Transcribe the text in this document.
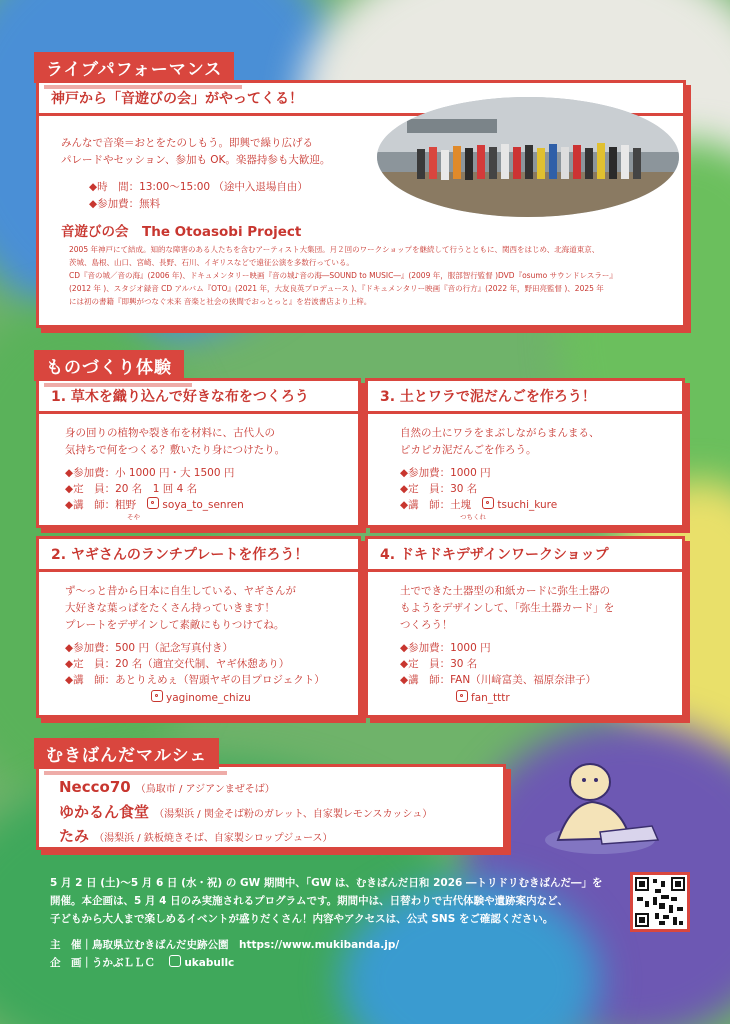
神戸から「音遊びの会」がやってくる！
みんなで音楽＝おとをたのしもう。即興で繰り広げる
パレードやセッション、参加も OK。楽器持参も大歓迎。
◆時　間：13:00〜15:00 （途中入退場自由）
◆参加費：無料
音遊びの会　The Otoasobi Project
2005 年神戸にて結成。知的な障害のある人たちを含むアーティスト大集団。月２回のワークショップを継続して行うとともに、関西をはじめ、北海道東京、
茨城、島根、山口、宮崎、長野、石川、イギリスなどで遠征公演を多数行っている。
CD『音の城／音の海』(2006 年)、ドキュメンタリー映画『音の城♪音の海―SOUND to MUSIC―』(2009 年，服部智行監督 )DVD『osumo サウンドレスラー』
(2012 年 )、スタジオ録音 CD アルバム『OTO』(2021 年，大友良英プロデュース )、『ドキュメンタリー映画『音の行方』(2022 年，野田亮監督 )、2025 年
には初の書籍『即興がつなぐ未来 音楽と社会の狭間でおっとっと』を岩波書店より上梓。
ライブパフォーマンス
1. 草木を織り込んで好きな布をつくろう
身の回りの植物や裂き布を材料に、古代人の
気持ちで何をつくる？敷いたり身につけたり。
◆参加費：小 1000 円・大 1500 円
◆定　員：20 名　1 回 4 名
◆講　師：粗野	soya_to_senren
そや
3. 土とワラで泥だんごを作ろう！
自然の土にワラをまぶしながらまんまる、
ピカピカ泥だんごを作ろう。
◆参加費：1000 円
◆定　員：30 名
◆講　師：土塊	tsuchi_kure
つちくれ
2. ヤギさんのランチプレートを作ろう！
ず〜っと昔から日本に自生している、ヤギさんが
大好きな葉っぱをたくさん持っていきます！
プレートをデザインして素敵にもりつけてね。
◆参加費：500 円（記念写真付き）
◆定　員：20 名（適宜交代制、ヤギ休憩あり）
◆講　師：あとりえめぇ（智頭ヤギの目プロジェクト）
yaginome_chizu
4. ドキドキデザインワークショップ
土でできた土器型の和紙カードに弥生土器の
もようをデザインして、「弥生土器カード」を
つくろう！
◆参加費：1000 円
◆定　員：30 名
◆講　師：FAN（川﨑富美、福原奈津子）
fan_tttr
ものづくり体験
Necco70 （鳥取市 / アジアンまぜそば）
ゆかるん食堂 （湯梨浜 / 関金そば粉のガレット、自家製レモンスカッシュ）
たみ （湯梨浜 / 鉄板焼きそば、自家製シロップジュース）
むきばんだマルシェ
5 月 2 日 (土)〜5 月 6 日 (水・祝) の GW 期間中、「GW は、むきばんだ日和 2026 ―トリドリむきばんだ―」を
開催。本企画は、5 月 4 日のみ実施されるプログラムです。期間中は、日替わりで古代体験や遺跡案内など、
子どもから大人まで楽しめるイベントが盛りだくさん！内容やアクセスは、公式 SNS をご確認ください。
主　催｜鳥取県立むきばんだ史跡公園　https://www.mukibanda.jp/
企　画｜うかぶＬＬＣ	ukabullc
